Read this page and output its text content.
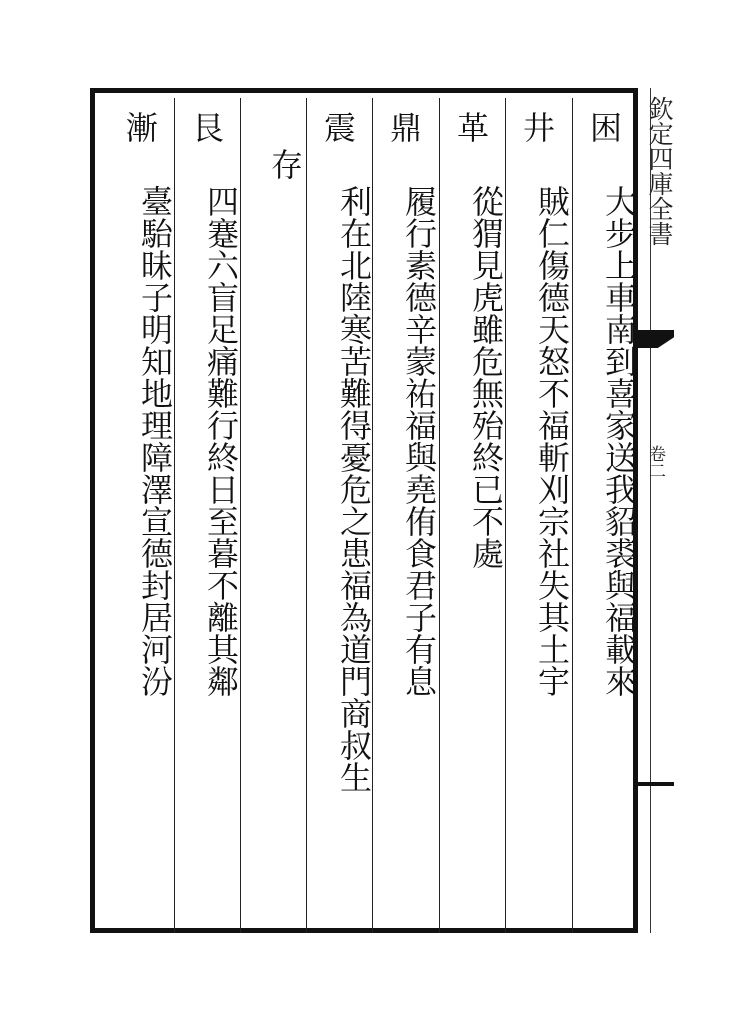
欽定四庫全書
卷二
困
大步上車南到喜家送我貂裘與福載來
井
賊仁傷德天怒不福斬刈宗社失其土宇
革
從猬見虎雖危無殆終已不處
鼎
履行素德辛蒙祐福與堯侑食君子有息
震
利在北陸寒苦難得憂危之患福為道門商叔生
存
艮
四蹇六盲足痛難行終日至暮不離其鄰
漸
臺駘昧子明知地理障澤宣德封居河汾
